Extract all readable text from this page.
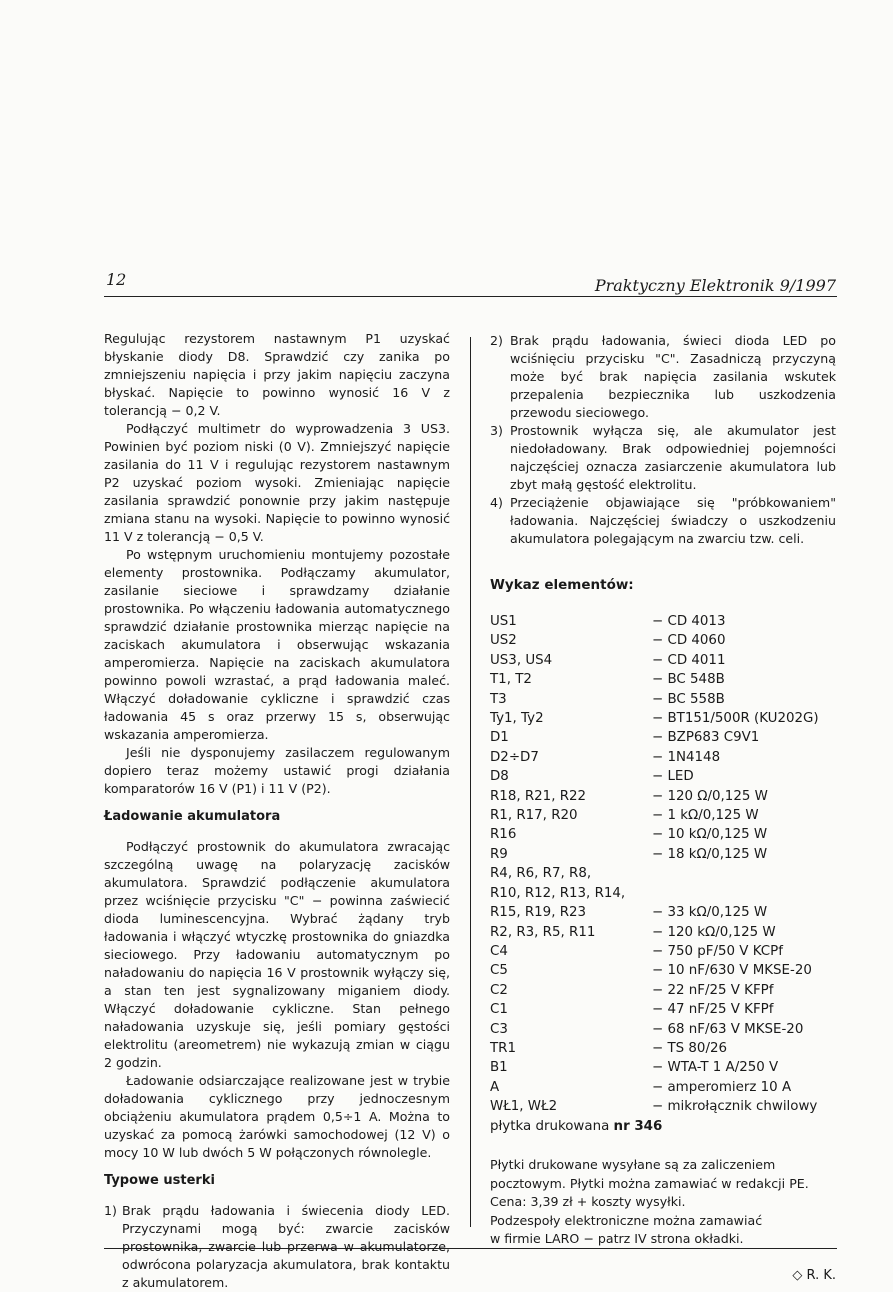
12	Praktyczny Elektronik 9/1997

Regulując rezystorem nastawnym P1 uzyskać błyskanie diody D8. Sprawdzić czy zanika po zmniejszeniu napięcia i przy jakim napięciu zaczyna błyskać. Napięcie to powinno wynosić 16 V z tolerancją − 0,2 V.

Podłączyć multimetr do wyprowadzenia 3 US3. Powinien być poziom niski (0 V). Zmniejszyć napięcie zasilania do 11 V i regulując rezystorem nastawnym P2 uzyskać poziom wysoki. Zmieniając napięcie zasilania sprawdzić ponownie przy jakim następuje zmiana stanu na wysoki. Napięcie to powinno wynosić 11 V z tolerancją − 0,5 V.

Po wstępnym uruchomieniu montujemy pozostałe elementy prostownika. Podłączamy akumulator, zasilanie sieciowe i sprawdzamy działanie prostownika. Po włączeniu ładowania automatycznego sprawdzić działanie prostownika mierząc napięcie na zaciskach akumulatora i obserwując wskazania amperomierza. Napięcie na zaciskach akumulatora powinno powoli wzrastać, a prąd ładowania maleć. Włączyć doładowanie cykliczne i sprawdzić czas ładowania 45 s oraz przerwy 15 s, obserwując wskazania amperomierza.

Jeśli nie dysponujemy zasilaczem regulowanym dopiero teraz możemy ustawić progi działania komparatorów 16 V (P1) i 11 V (P2).

Ładowanie akumulatora

Podłączyć prostownik do akumulatora zwracając szczególną uwagę na polaryzację zacisków akumulatora. Sprawdzić podłączenie akumulatora przez wciśnięcie przycisku "C" − powinna zaświecić dioda luminescencyjna. Wybrać żądany tryb ładowania i włączyć wtyczkę prostownika do gniazdka sieciowego. Przy ładowaniu automatycznym po naładowaniu do napięcia 16 V prostownik wyłączy się, a stan ten jest sygnalizowany miganiem diody. Włączyć doładowanie cykliczne. Stan pełnego naładowania uzyskuje się, jeśli pomiary gęstości elektrolitu (areometrem) nie wykazują zmian w ciągu 2 godzin.

Ładowanie odsiarczające realizowane jest w trybie doładowania cyklicznego przy jednoczesnym obciążeniu akumulatora prądem 0,5÷1 A. Można to uzyskać za pomocą żarówki samochodowej (12 V) o mocy 10 W lub dwóch 5 W połączonych równolegle.

Typowe usterki
1) Brak prądu ładowania i świecenia diody LED. Przyczynami mogą być: zwarcie zacisków prostownika, zwarcie lub przerwa w akumulatorze, odwrócona polaryzacja akumulatora, brak kontaktu z akumulatorem.
2) Brak prądu ładowania, świeci dioda LED po wciśnięciu przycisku "C". Zasadniczą przyczyną może być brak napięcia zasilania wskutek przepalenia bezpiecznika lub uszkodzenia przewodu sieciowego.
3) Prostownik wyłącza się, ale akumulator jest niedoładowany. Brak odpowiedniej pojemności najczęściej oznacza zasiarczenie akumulatora lub zbyt małą gęstość elektrolitu.
4) Przeciążenie objawiające się "próbkowaniem" ładowania. Najczęściej świadczy o uszkodzeniu akumulatora polegającym na zwarciu tzw. celi.
Wykaz elementów:
US1	− CD 4013
US2	− CD 4060
US3, US4	− CD 4011
T1, T2	− BC 548B
T3	− BC 558B
Ty1, Ty2	− BT151/500R (KU202G)
D1	− BZP683 C9V1
D2÷D7	− 1N4148
D8	− LED
R18, R21, R22	− 120 Ω/0,125 W
R1, R17, R20	− 1 kΩ/0,125 W
R16	− 10 kΩ/0,125 W
R9	− 18 kΩ/0,125 W
R4, R6, R7, R8,	
R10, R12, R13, R14,	
R15, R19, R23	− 33 kΩ/0,125 W
R2, R3, R5, R11	− 120 kΩ/0,125 W
C4	− 750 pF/50 V KCPf
C5	− 10 nF/630 V MKSE-20
C2	− 22 nF/25 V KFPf
C1	− 47 nF/25 V KFPf
C3	− 68 nF/63 V MKSE-20
TR1	− TS 80/26
B1	− WTA-T 1 A/250 V
A	− amperomierz 10 A
WŁ1, WŁ2	− mikrołącznik chwilowy
płytka drukowana nr 346	

Płytki drukowane wysyłane są za zaliczeniem

pocztowym. Płytki można zamawiać w redakcji PE.

Cena: 3,39 zł + koszty wysyłki.

Podzespoły elektroniczne można zamawiać

w firmie LARO − patrz IV strona okładki.

◇ R. K.
